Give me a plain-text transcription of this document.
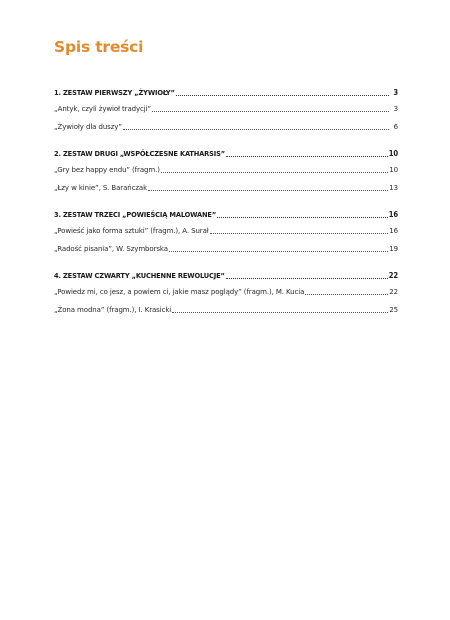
Spis treści
1. ZESTAW PIERWSZY „ŻYWIOŁY”	3
„Antyk, czyli żywioł tradycji”	3
„Żywioły dla duszy”	6
2. ZESTAW DRUGI „WSPÓŁCZESNE KATHARSIS”	10
„Gry bez happy endu” (fragm.)	10
„Łzy w kinie”, S. Barańczak	13
3. ZESTAW TRZECI „POWIEŚCIĄ MALOWANE”	16
„Powieść jako forma sztuki” (fragm.), A. Surał	16
„Radość pisania”, W. Szymborska	19
4. ZESTAW CZWARTY „KUCHENNE REWOLUCJE”	22
„Powiedz mi, co jesz, a powiem ci, jakie masz poglądy” (fragm.), M. Kucia	22
„Żona modna” (fragm.), I. Krasicki	25
